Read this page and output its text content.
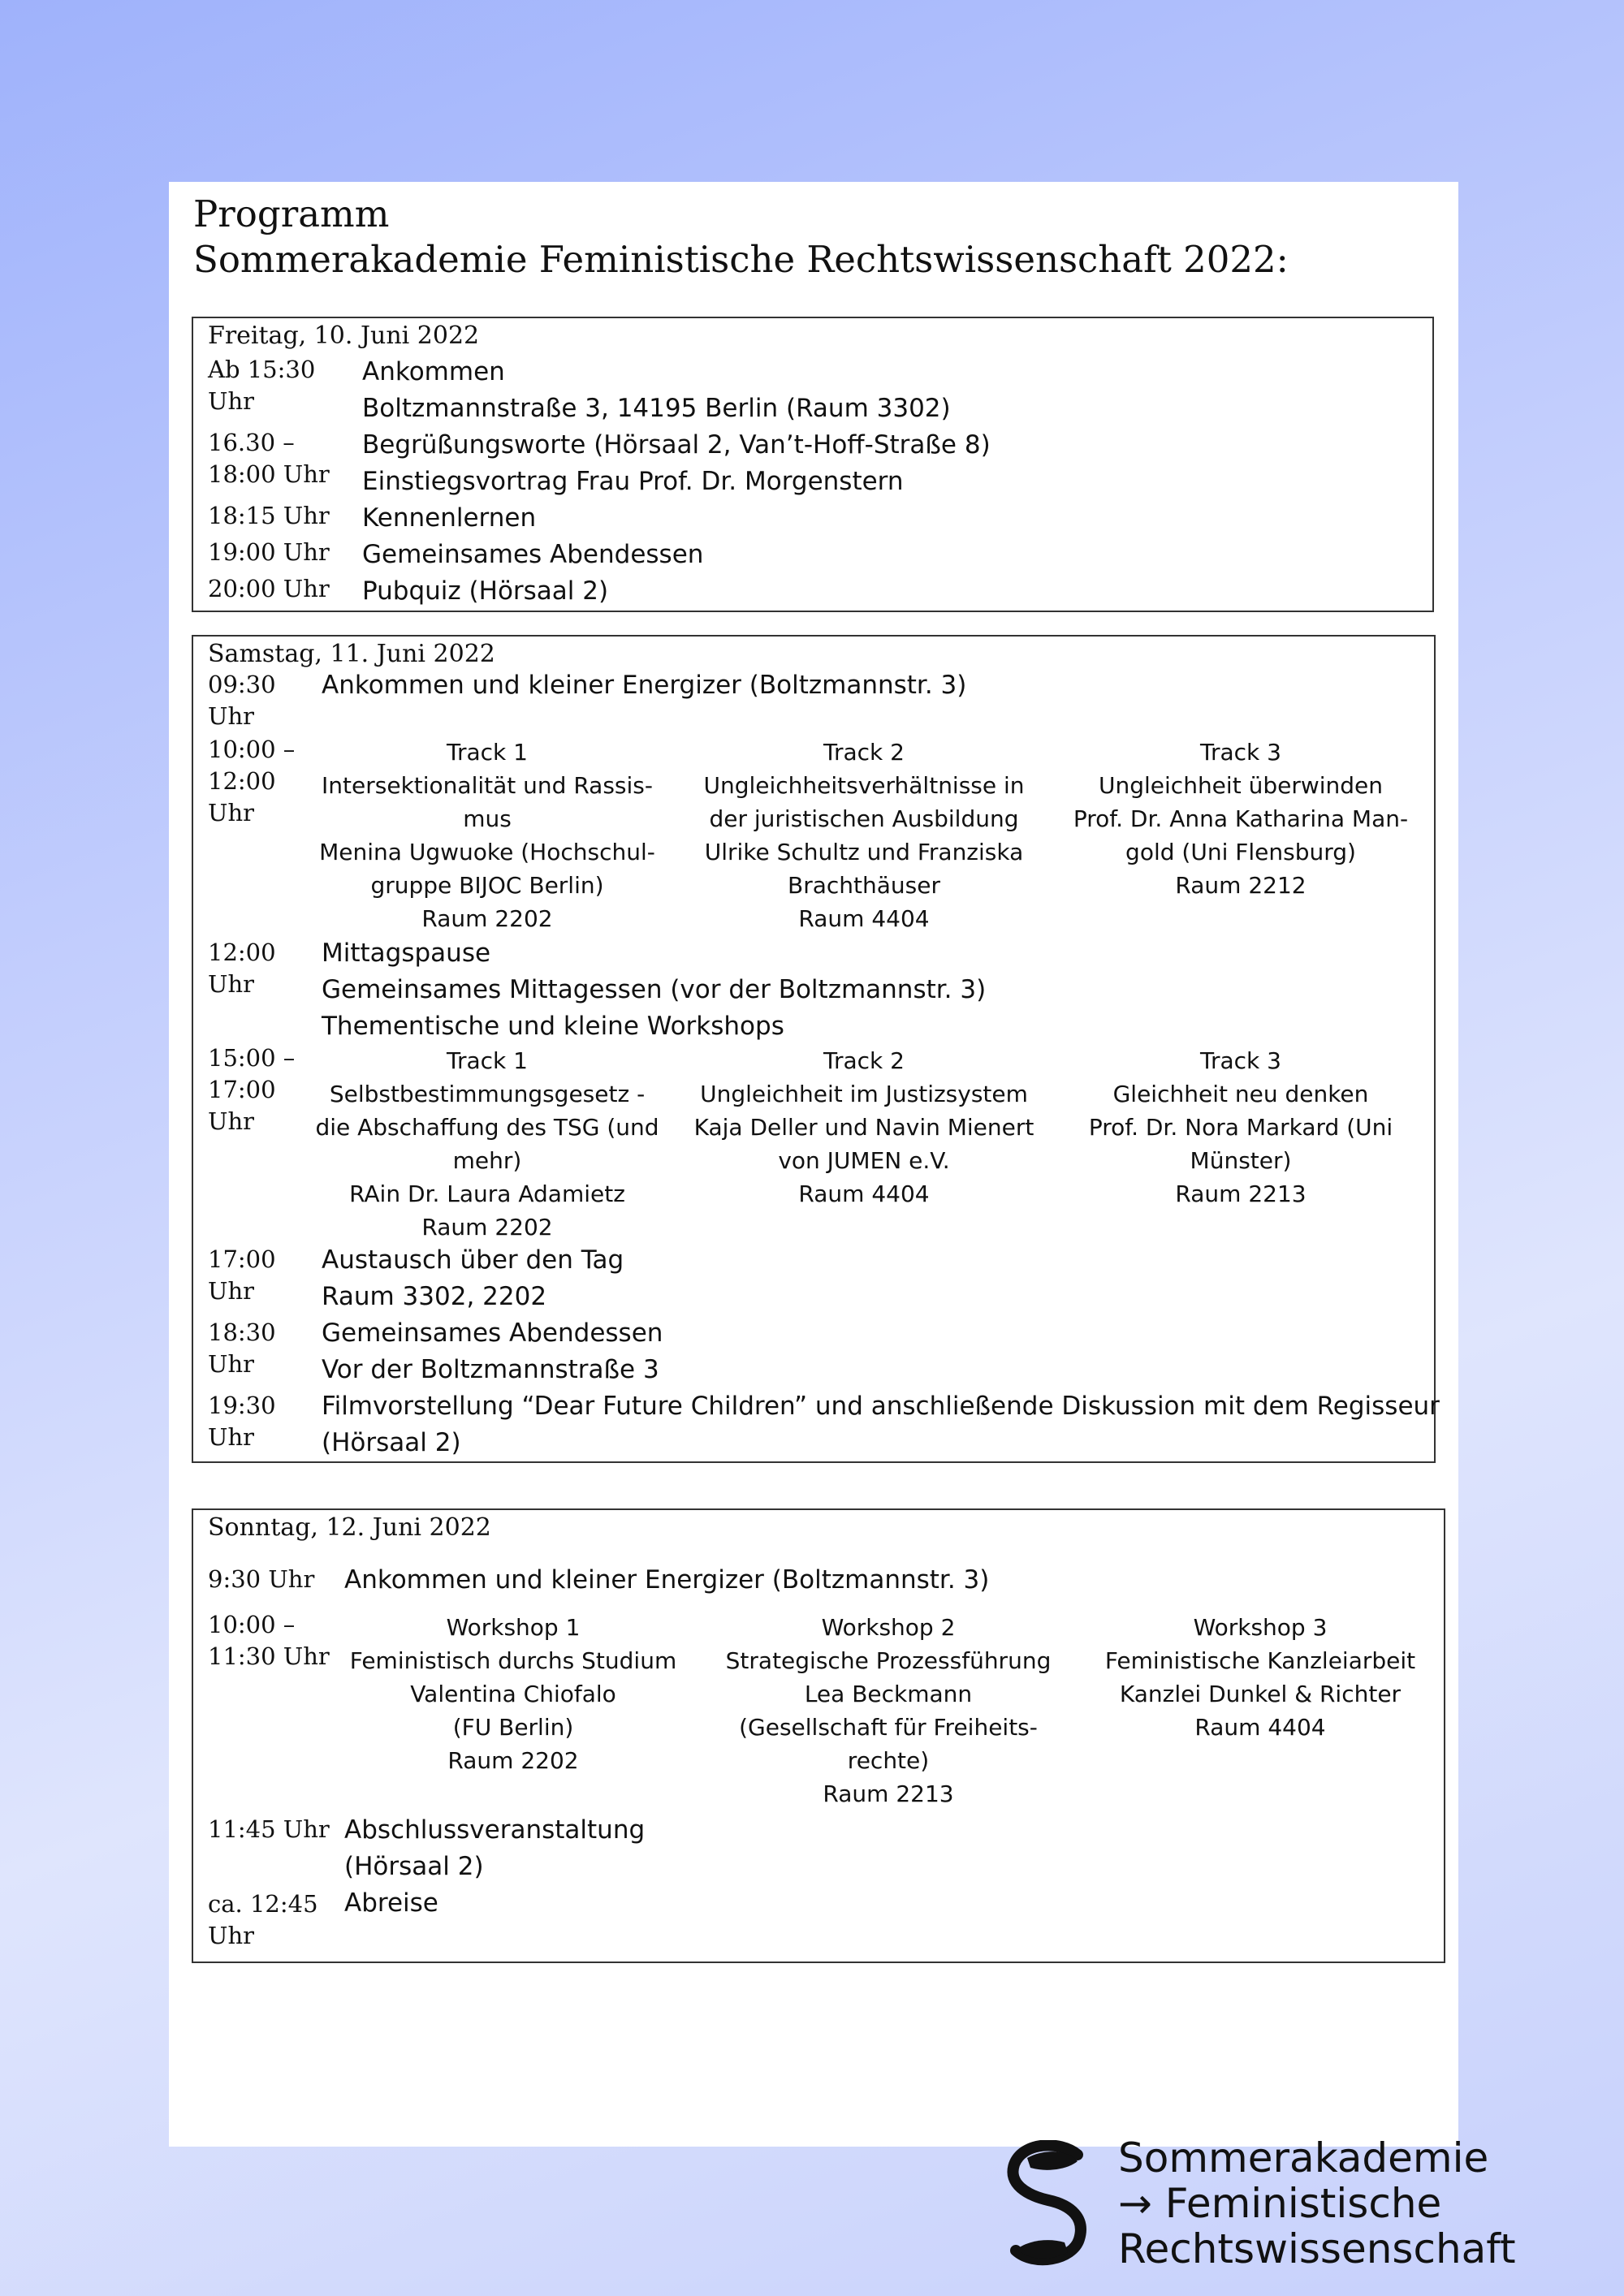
Programm
Sommerakademie Feministische Rechtswissenschaft 2022:
Freitag, 10. Juni 2022
Ab 15:30
Uhr
Ankommen
Boltzmannstraße 3, 14195 Berlin (Raum 3302)
16.30 –
18:00 Uhr
Begrüßungsworte (Hörsaal 2, Van’t-Hoff-Straße 8)
Einstiegsvortrag Frau Prof. Dr. Morgenstern
18:15 Uhr Kennenlernen
19:00 Uhr Gemeinsames Abendessen
20:00 Uhr Pubquiz (Hörsaal 2)
Samstag, 11. Juni 2022
09:30
Uhr
Ankommen und kleiner Energizer (Boltzmannstr. 3)
10:00 –
12:00
Uhr
Track 1
Intersektionalität und Rassis-
mus
Menina Ugwuoke (Hochschul-
gruppe BIJOC Berlin)
Raum 2202
Track 2
Ungleichheitsverhältnisse in
der juristischen Ausbildung
Ulrike Schultz und Franziska
Brachthäuser
Raum 4404
Track 3
Ungleichheit überwinden
Prof. Dr. Anna Katharina Man-
gold (Uni Flensburg)
Raum 2212
12:00
Uhr
Mittagspause
Gemeinsames Mittagessen (vor der Boltzmannstr. 3)
Thementische und kleine Workshops
15:00 –
17:00
Uhr
Track 1
Selbstbestimmungsgesetz -
die Abschaffung des TSG (und
mehr)
RAin Dr. Laura Adamietz
Raum 2202
Track 2
Ungleichheit im Justizsystem
Kaja Deller und Navin Mienert
von JUMEN e.V.
Raum 4404
Track 3
Gleichheit neu denken
Prof. Dr. Nora Markard (Uni
Münster)
Raum 2213
17:00
Uhr
Austausch über den Tag
Raum 3302, 2202
18:30
Uhr
Gemeinsames Abendessen
Vor der Boltzmannstraße 3
19:30
Uhr
Filmvorstellung “Dear Future Children” und anschließende Diskussion mit dem Regisseur
(Hörsaal 2)
Sonntag, 12. Juni 2022
9:30 Uhr Ankommen und kleiner Energizer (Boltzmannstr. 3)
10:00 –
11:30 Uhr
Workshop 1
Feministisch durchs Studium
Valentina Chiofalo
(FU Berlin)
Raum 2202
Workshop 2
Strategische Prozessführung
Lea Beckmann
(Gesellschaft für Freiheits-
rechte)
Raum 2213
Workshop 3
Feministische Kanzleiarbeit
Kanzlei Dunkel & Richter
Raum 4404
11:45 Uhr Abschlussveranstaltung
(Hörsaal 2)
ca. 12:45
Uhr
Abreise
Sommerakademie
→ Feministische
Rechtswissenschaft
